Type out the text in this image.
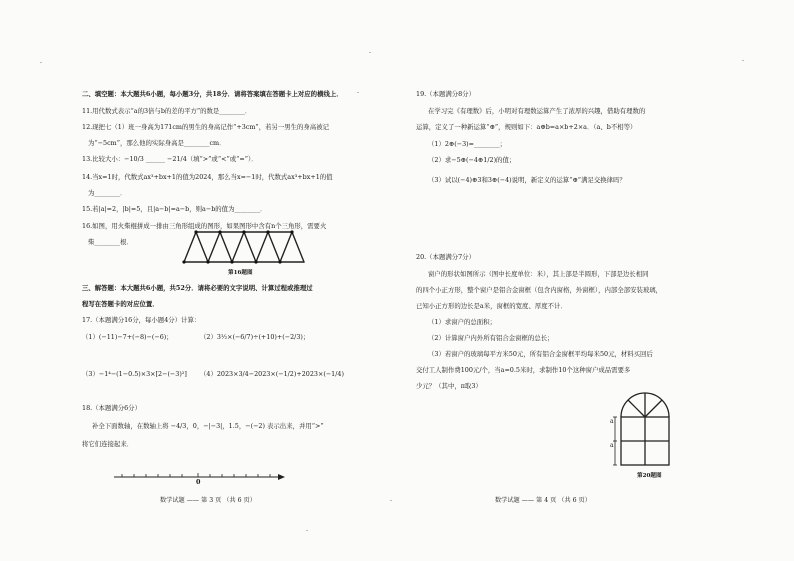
二、填空题：本大题共6小题，每小题3分，共18分．请将答案填在答题卡上对应的横线上．
11.用代数式表示“a的3倍与b的差的平方”的数是________．
12.现把七（1）班一身高为171cm的男生的身高记作“+3cm”，若另一男生的身高被记
为“−5cm”，那么他的实际身高是________cm．
13.比较大小：−10/3 ______ −21/4（填“>”或“<”或“=”）．
14.当x=1时，代数式ax³+bx+1的值为2024，那么当x=−1时，代数式ax³+bx+1的值
为________．
15.若|a|=2，|b|=5，且|a−b|=a−b，则a−b的值为________．
16.如图，用火柴棍拼成一排由三角形组成的图形，如果图形中含有n个三角形，需要火
柴________根．
第16题图
三、解答题：本大题共6小题，共52分．请将必要的文字说明、计算过程或推理过
程写在答题卡的对应位置．
17.（本题满分16分，每小题4分）计算：
（1）(−11)−7+(−8)−(−6)；	（2）3½×(−6/7)÷(+10)+(−2/3)；
（3）−1⁴−(1−0.5)×3×[2−(−3)²] （4）2023×3/4−2023×(−1/2)+2023×(−1/4)
18.（本题满分6分）
补全下面数轴，在数轴上将 −4/3，0，−|−3|，1.5，−(−2) 表示出来，并用“>”
将它们连接起来．
0
数学试题 —— 第 3 页 （共 6 页）
19.（本题满分8分）
在学习完《有理数》后，小明对有理数运算产生了浓厚的兴趣，借助有理数的
运算，定义了一种新运算“⊕”，规则如下：a⊕b=a×b+2×a．（a、b不相等）
（1）2⊕(−3)=________；
（2）求−5⊕(−4⊕1/2)的值；
（3）试以(−4)⊕3和3⊕(−4)说明，新定义的运算“⊕”满足交换律吗？
20.（本题满分7分）
窗户的形状如图所示（图中长度单位：米），其上部是半圆形，下部是边长相同
的四个小正方形，整个窗户是铝合金窗框（包含内窗格，外窗框），内部全部安装玻璃，
已知小正方形的边长是a米，窗框的宽度、厚度不计．
（1）求窗户的总面积；
（2）计算窗户内外所有铝合金窗框的总长；
（3）若窗户的玻璃每平方米50元，所有铝合金窗框平均每米50元，材料买回后
交付工人制作费100元/个，当a=0.5米时，求制作10个这种窗户成品需要多
少元？（其中，π取3）
a
a
第20题图
数学试题 —— 第 4 页 （共 6 页）
